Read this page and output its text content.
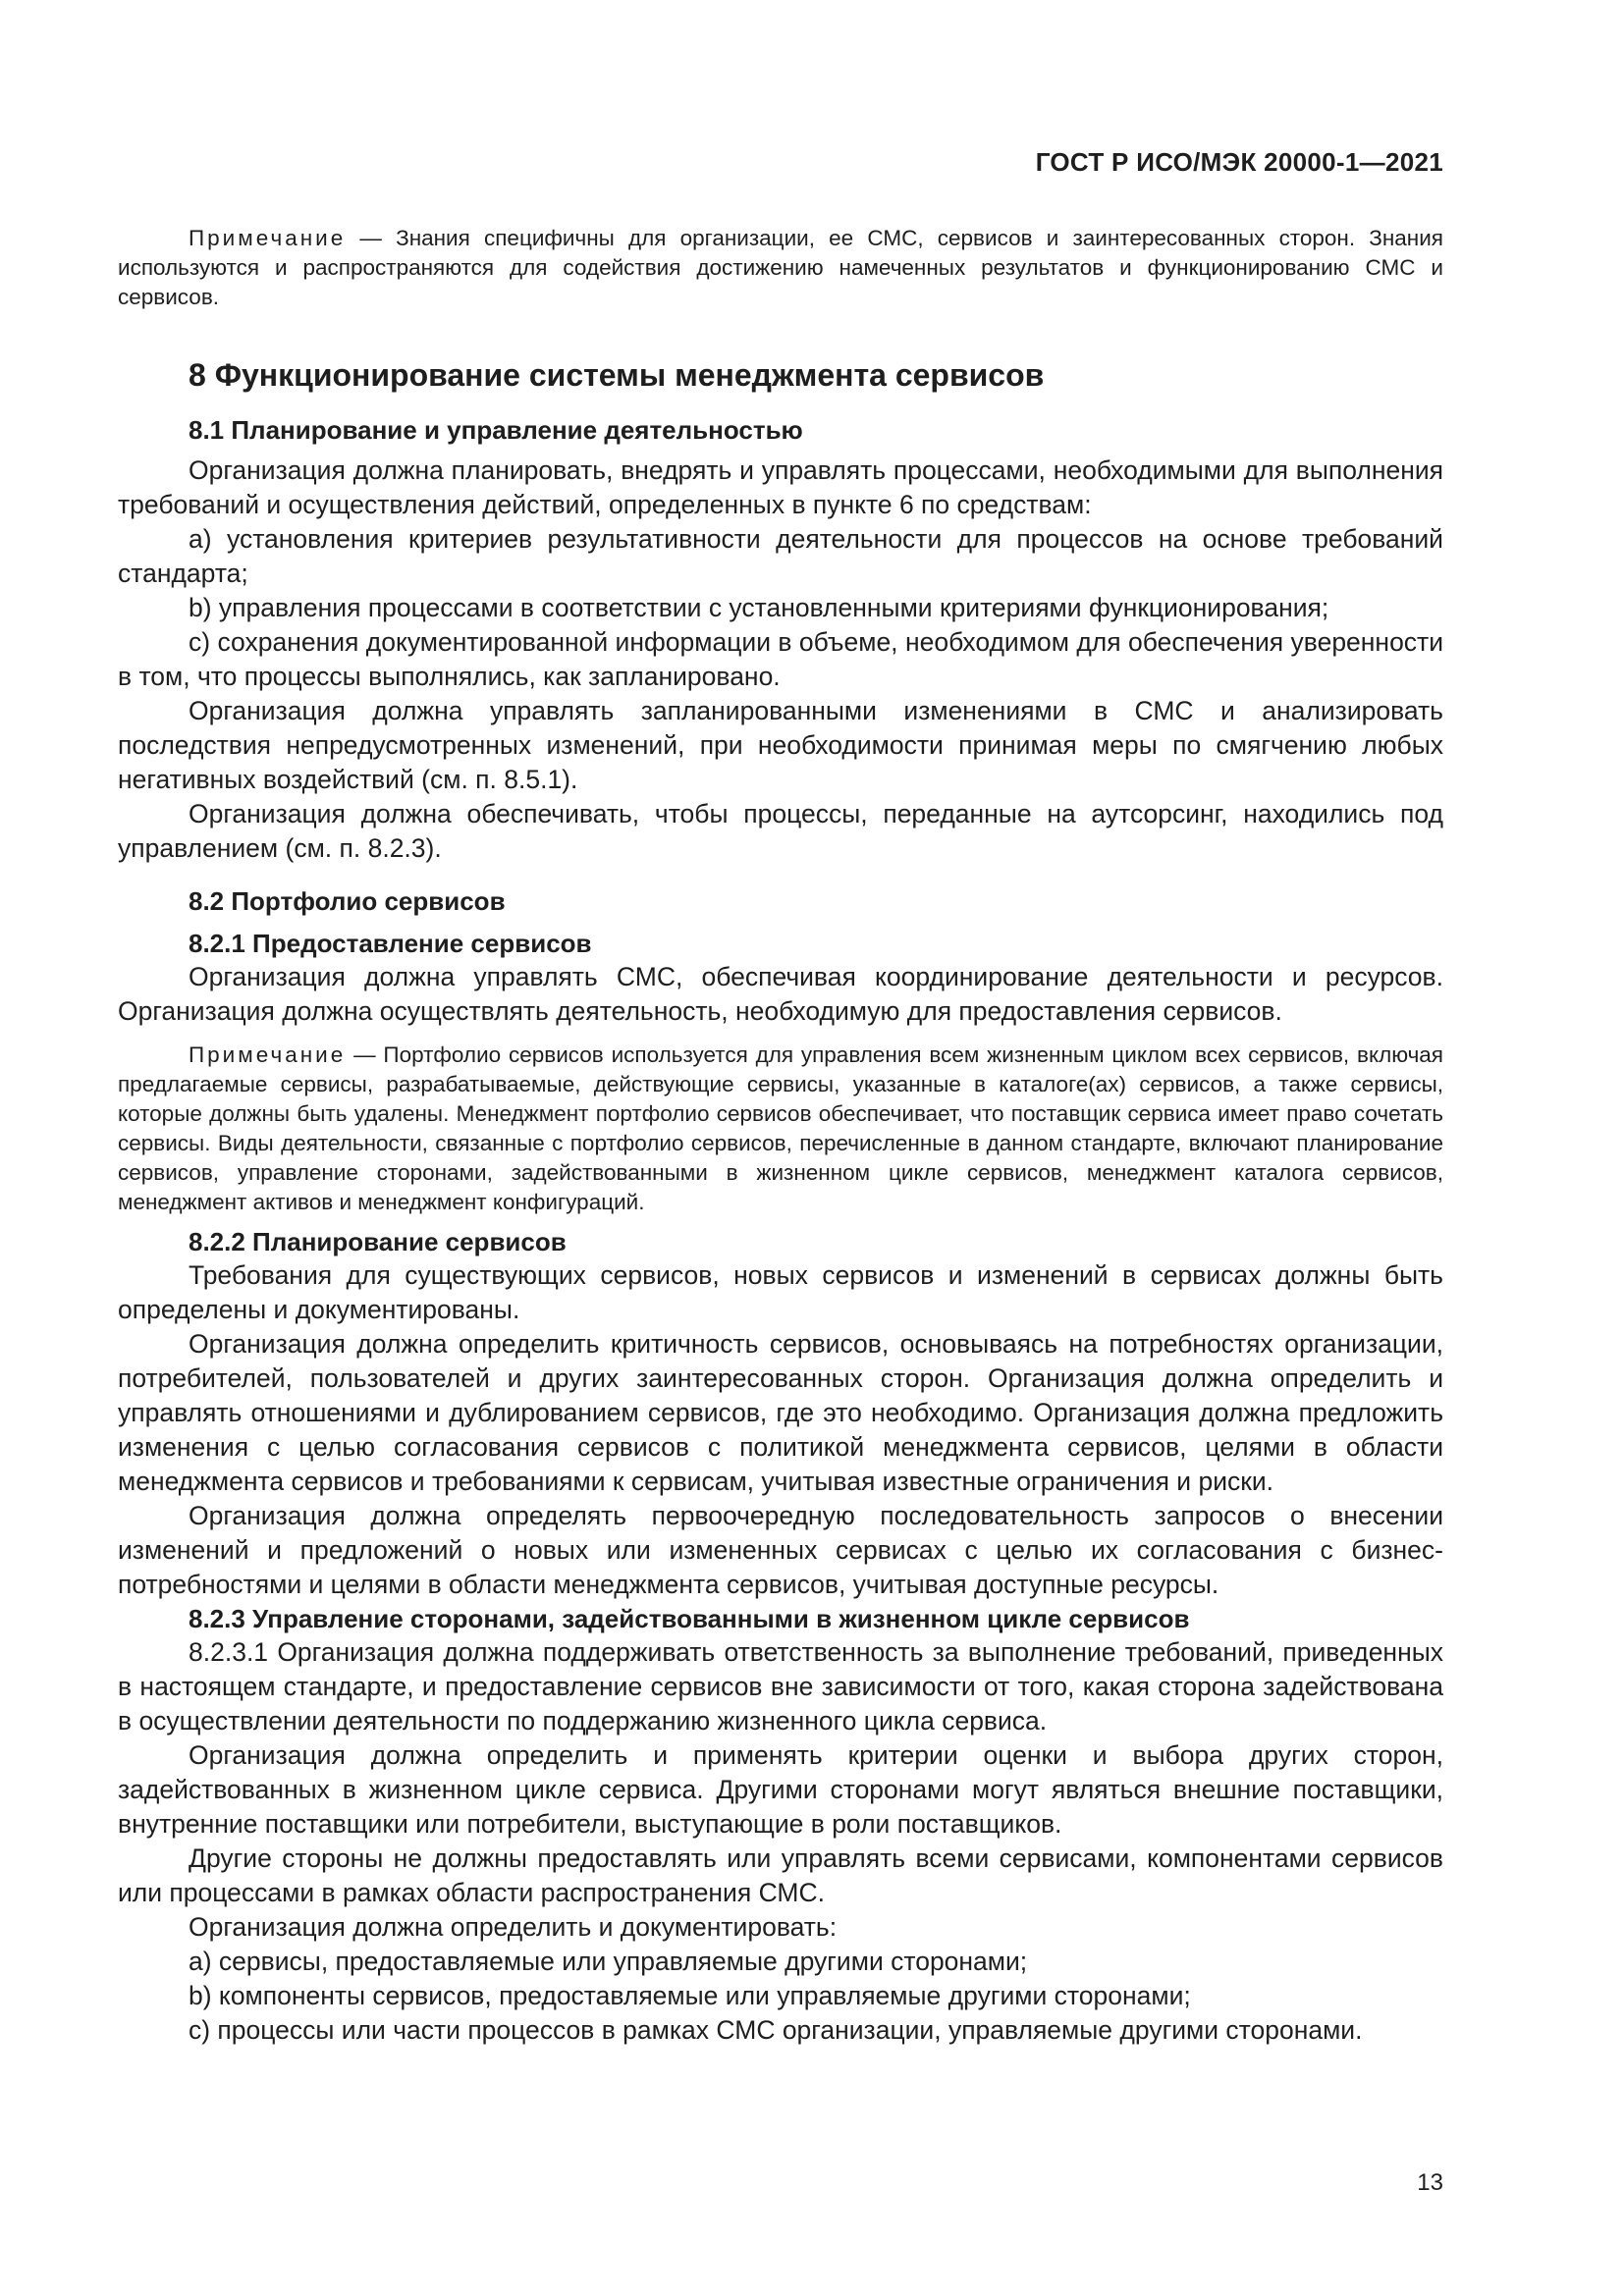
ГОСТ Р ИСО/МЭК 20000-1—2021

Примечание — Знания специфичны для организации, ее СМС, сервисов и заинтересованных сторон. Знания используются и распространяются для содействия достижению намеченных результатов и функционированию СМС и сервисов.

8 Функционирование системы менеджмента сервисов
8.1 Планирование и управление деятельностью

Организация должна планировать, внедрять и управлять процессами, необходимыми для выполнения требований и осуществления действий, определенных в пункте 6 по средствам:

а) установления критериев результативности деятельности для процессов на основе требований стандарта;

b) управления процессами в соответствии с установленными критериями функционирования;

с) сохранения документированной информации в объеме, необходимом для обеспечения уверенности в том, что процессы выполнялись, как запланировано.

Организация должна управлять запланированными изменениями в СМС и анализировать последствия непредусмотренных изменений, при необходимости принимая меры по смягчению любых негативных воздействий (см. п. 8.5.1).

Организация должна обеспечивать, чтобы процессы, переданные на аутсорсинг, находились под управлением (см. п. 8.2.3).

8.2 Портфолио сервисов
8.2.1 Предоставление сервисов

Организация должна управлять СМС, обеспечивая координирование деятельности и ресурсов. Организация должна осуществлять деятельность, необходимую для предоставления сервисов.

Примечание — Портфолио сервисов используется для управления всем жизненным циклом всех сервисов, включая предлагаемые сервисы, разрабатываемые, действующие сервисы, указанные в каталоге(ах) сервисов, а также сервисы, которые должны быть удалены. Менеджмент портфолио сервисов обеспечивает, что поставщик сервиса имеет право сочетать сервисы. Виды деятельности, связанные с портфолио сервисов, перечисленные в данном стандарте, включают планирование сервисов, управление сторонами, задействованными в жизненном цикле сервисов, менеджмент каталога сервисов, менеджмент активов и менеджмент конфигураций.

8.2.2 Планирование сервисов

Требования для существующих сервисов, новых сервисов и изменений в сервисах должны быть определены и документированы.

Организация должна определить критичность сервисов, основываясь на потребностях организации, потребителей, пользователей и других заинтересованных сторон. Организация должна определить и управлять отношениями и дублированием сервисов, где это необходимо. Организация должна предложить изменения с целью согласования сервисов с политикой менеджмента сервисов, целями в области менеджмента сервисов и требованиями к сервисам, учитывая известные ограничения и риски.

Организация должна определять первоочередную последовательность запросов о внесении изменений и предложений о новых или измененных сервисах с целью их согласования с бизнес-потребностями и целями в области менеджмента сервисов, учитывая доступные ресурсы.

8.2.3 Управление сторонами, задействованными в жизненном цикле сервисов

8.2.3.1 Организация должна поддерживать ответственность за выполнение требований, приведенных в настоящем стандарте, и предоставление сервисов вне зависимости от того, какая сторона задействована в осуществлении деятельности по поддержанию жизненного цикла сервиса.

Организация должна определить и применять критерии оценки и выбора других сторон, задействованных в жизненном цикле сервиса. Другими сторонами могут являться внешние поставщики, внутренние поставщики или потребители, выступающие в роли поставщиков.

Другие стороны не должны предоставлять или управлять всеми сервисами, компонентами сервисов или процессами в рамках области распространения СМС.

Организация должна определить и документировать:

а) сервисы, предоставляемые или управляемые другими сторонами;

b) компоненты сервисов, предоставляемые или управляемые другими сторонами;

с) процессы или части процессов в рамках СМС организации, управляемые другими сторонами.

13
